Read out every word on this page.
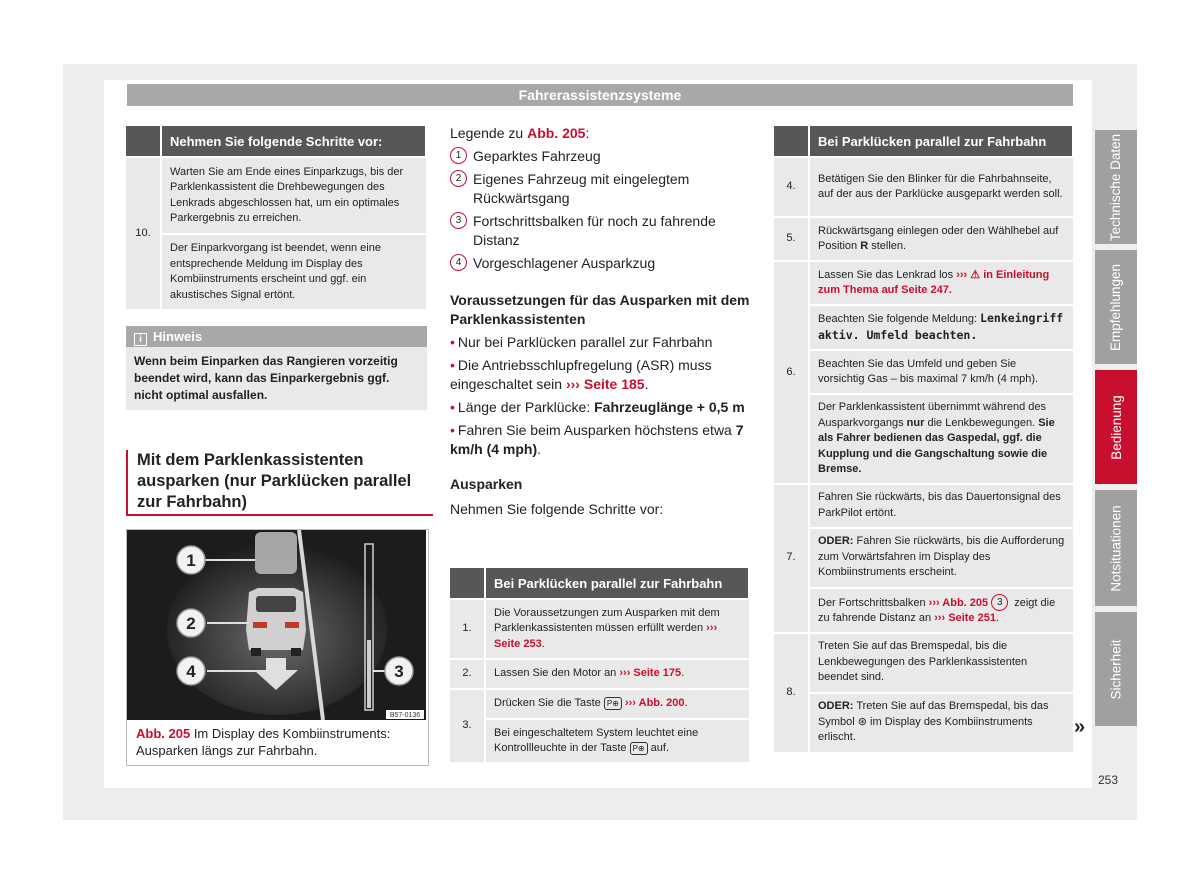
Fahrerassistenzsysteme
Technische Daten
Empfehlungen
Bedienung
Notsituationen
Sicherheit
253
	Nehmen Sie folgende Schritte vor:
10.	Warten Sie am Ende eines Einparkzugs, bis der Parklenkassistent die Drehbewegungen des Lenkrads abgeschlossen hat, um ein optimales Parkergebnis zu erreichen.
	Der Einparkvorgang ist beendet, wenn eine entsprechende Meldung im Display des Kombiinstruments erscheint und ggf. ein akustisches Signal ertönt.
i Hinweis
Wenn beim Einparken das Rangieren vorzeitig beendet wird, kann das Einparkergebnis ggf. nicht optimal ausfallen.
Mit dem Parklenkassistenten ausparken (nur Parklücken parallel zur Fahrbahn)
1
2
3
4
B57-0136
Abb. 205 Im Display des Kombiinstruments: Ausparken längs zur Fahrbahn.
Legende zu Abb. 205:
1 Geparktes Fahrzeug
2 Eigenes Fahrzeug mit eingelegtem Rückwärtsgang
3 Fortschrittsbalken für noch zu fahrende Distanz
4 Vorgeschlagener Ausparkzug
Voraussetzungen für das Ausparken mit dem Parklenkassistenten
• Nur bei Parklücken parallel zur Fahrbahn
• Die Antriebsschlupfregelung (ASR) muss eingeschaltet sein ››› Seite 185.
• Länge der Parklücke: Fahrzeuglänge + 0,5 m
• Fahren Sie beim Ausparken höchstens etwa 7 km/h (4 mph).
Ausparken
Nehmen Sie folgende Schritte vor:
	Bei Parklücken parallel zur Fahrbahn
1.	Die Voraussetzungen zum Ausparken mit dem Parklenkassistenten müssen erfüllt werden ››› Seite 253.
2.	Lassen Sie den Motor an ››› Seite 175.
3.	Drücken Sie die Taste P⊕ ››› Abb. 200.
	Bei eingeschaltetem System leuchtet eine Kontrollleuchte in der Taste P⊕ auf.
	Bei Parklücken parallel zur Fahrbahn
4.	Betätigen Sie den Blinker für die Fahrbahnseite, auf der aus der Parklücke ausgeparkt werden soll.
5.	Rückwärtsgang einlegen oder den Wählhebel auf Position R stellen.
6.	Lassen Sie das Lenkrad los ››› ⚠ in Einleitung zum Thema auf Seite 247.
	Beachten Sie folgende Meldung: Lenkeingriff aktiv. Umfeld beachten.
	Beachten Sie das Umfeld und geben Sie vorsichtig Gas – bis maximal 7 km/h (4 mph).
	Der Parklenkassistent übernimmt während des Ausparkvorgangs nur die Lenkbewegungen. Sie als Fahrer bedienen das Gaspedal, ggf. die Kupplung und die Gangschaltung sowie die Bremse.
7.	Fahren Sie rückwärts, bis das Dauertonsignal des ParkPilot ertönt.
	ODER: Fahren Sie rückwärts, bis die Aufforderung zum Vorwärtsfahren im Display des Kombiinstruments erscheint.
	Der Fortschrittsbalken ››› Abb. 205 3 zeigt die zu fahrende Distanz an ››› Seite 251.
8.	Treten Sie auf das Bremspedal, bis die Lenkbewegungen des Parklenkassistenten beendet sind.
	ODER: Treten Sie auf das Bremspedal, bis das Symbol ⊛ im Display des Kombiinstruments erlischt.	»
